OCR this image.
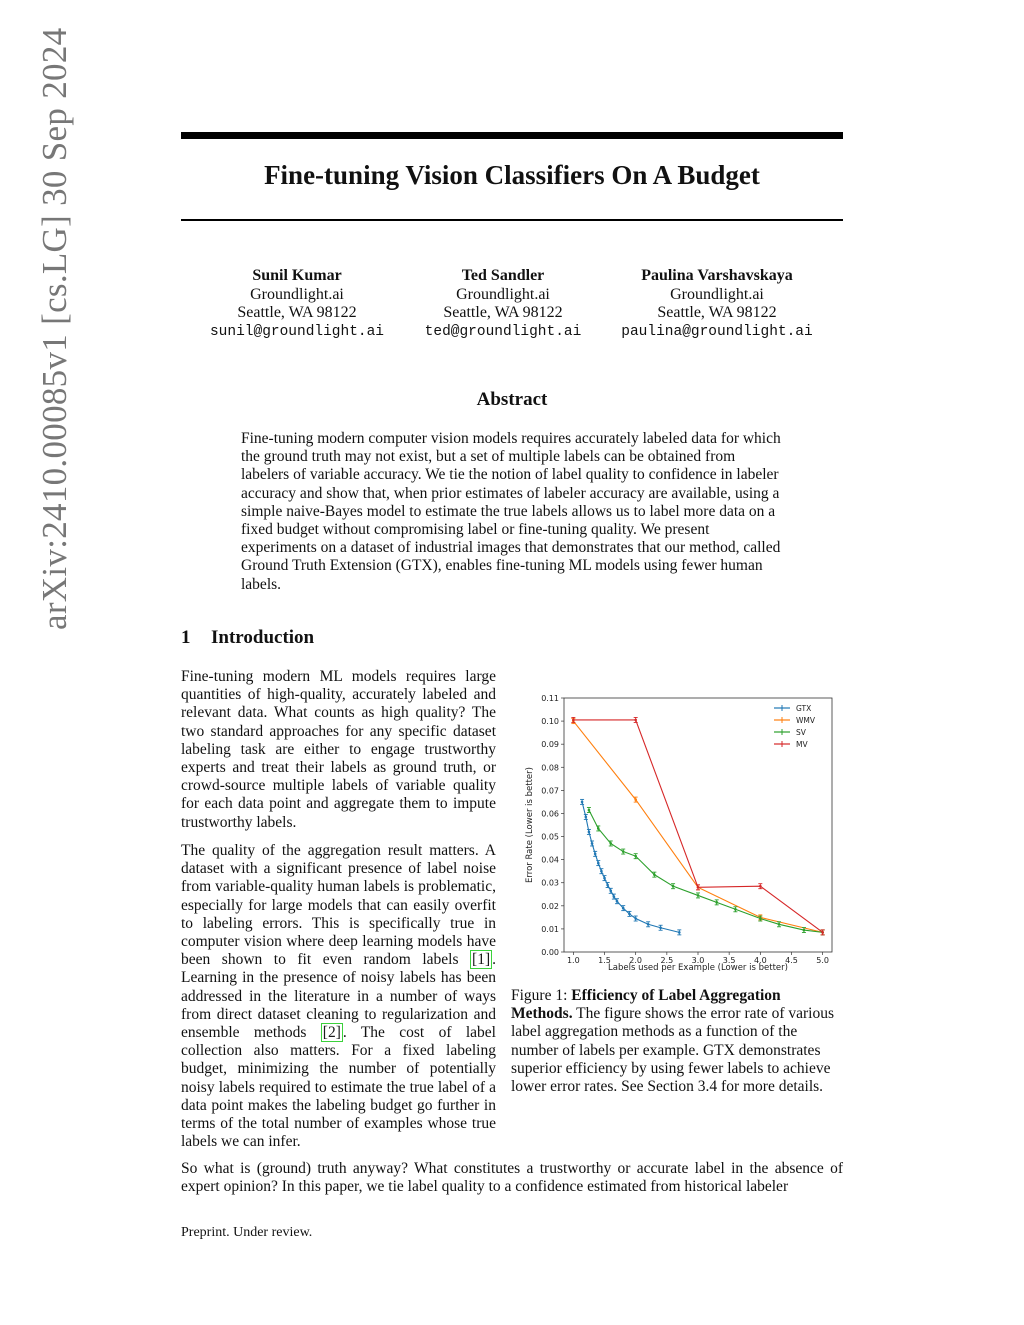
arXiv:2410.00085v1 [cs.LG] 30 Sep 2024	Fine-tuning Vision Classifiers On A Budget
Sunil Kumar
Groundlight.ai
Seattle, WA 98122
sunil@groundlight.ai
Ted Sandler
Groundlight.ai
Seattle, WA 98122
ted@groundlight.ai
Paulina Varshavskaya
Groundlight.ai
Seattle, WA 98122
paulina@groundlight.ai
Abstract
Fine-tuning modern computer vision models requires accurately labeled data for which the ground truth may not exist, but a set of multiple labels can be obtained from labelers of variable accuracy. We tie the notion of label quality to confidence in labeler accuracy and show that, when prior estimates of labeler accuracy are available, using a simple naive-Bayes model to estimate the true labels allows us to label more data on a fixed budget without compromising label or fine-tuning quality. We present experiments on a dataset of industrial images that demonstrates that our method, called Ground Truth Extension (GTX), enables fine-tuning ML models using fewer human labels.
1 Introduction
Fine-tuning modern ML models requires large quantities of high-quality, accurately labeled and relevant data. What counts as high quality? The two standard approaches for any specific dataset labeling task are either to engage trustworthy experts and treat their labels as ground truth, or crowd-source multiple labels of variable quality for each data point and aggregate them to impute trustworthy labels.
The quality of the aggregation result matters. A dataset with a significant presence of label noise from variable-quality human labels is problematic, especially for large models that can easily overfit to labeling errors. This is specifically true in computer vision where deep learning models have been shown to fit even random labels [1] . Learning in the presence of noisy labels has been addressed in the literature in a number of ways from direct dataset cleaning to regularization and ensemble methods [2] . The cost of label collection also matters. For a fixed labeling budget, minimizing the number of potentially noisy labels required to estimate the true label of a data point makes the labeling budget go further in terms of the total number of examples whose true labels we can infer.
1.0 1.5 2.0 2.5 3.0 3.5 4.0 4.5 5.0
0.00
0.01
0.02
0.03
0.04
0.05
0.06
0.07
0.08
0.09
0.10
0.11
Labels used per Example (Lower is better)
Error Rate (Lower is better)
GTX
WMV
SV
MV
Figure 1: Efficiency of Label Aggregation Methods. The figure shows the error rate of various label aggregation methods as a function of the number of labels per example. GTX demonstrates superior efficiency by using fewer labels to achieve lower error rates. See Section 3.4 for more details.
So what is (ground) truth anyway? What constitutes a trustworthy or accurate label in the absence of expert opinion? In this paper, we tie label quality to a confidence estimated from historical labeler
Preprint. Under review.
